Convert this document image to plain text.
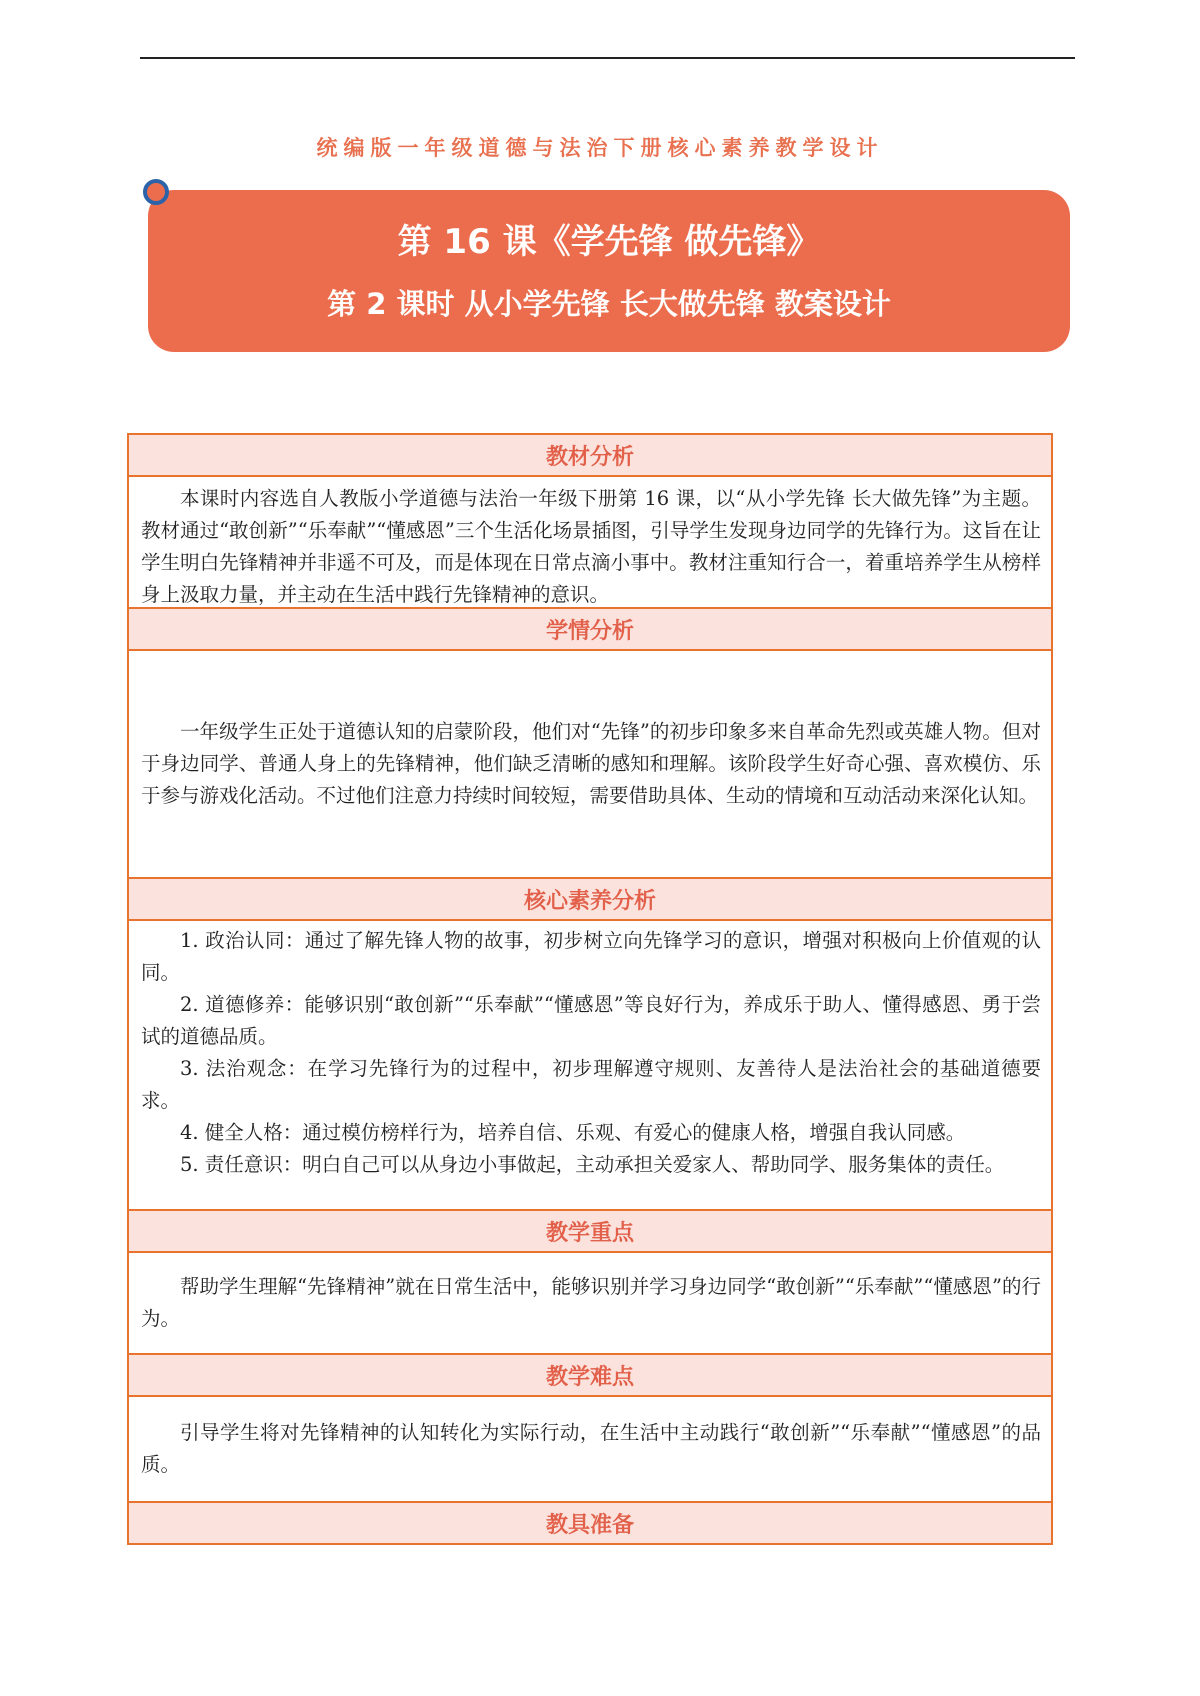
统编版一年级道德与法治下册核心素养教学设计
第 16 课《学先锋 做先锋》
第 2 课时 从小学先锋 长大做先锋 教案设计
教材分析

本课时内容选自人教版小学道德与法治一年级下册第 16 课，以“从小学先锋 长大做先锋”为主题。教材通过“敢创新”“乐奉献”“懂感恩”三个生活化场景插图，引导学生发现身边同学的先锋行为。这旨在让学生明白先锋精神并非遥不可及，而是体现在日常点滴小事中。教材注重知行合一，着重培养学生从榜样身上汲取力量，并主动在生活中践行先锋精神的意识。

学情分析

一年级学生正处于道德认知的启蒙阶段，他们对“先锋”的初步印象多来自革命先烈或英雄人物。但对于身边同学、普通人身上的先锋精神，他们缺乏清晰的感知和理解。该阶段学生好奇心强、喜欢模仿、乐于参与游戏化活动。不过他们注意力持续时间较短，需要借助具体、生动的情境和互动活动来深化认知。

核心素养分析

1. 政治认同：通过了解先锋人物的故事，初步树立向先锋学习的意识，增强对积极向上价值观的认同。

2. 道德修养：能够识别“敢创新”“乐奉献”“懂感恩”等良好行为，养成乐于助人、懂得感恩、勇于尝试的道德品质。

3. 法治观念：在学习先锋行为的过程中，初步理解遵守规则、友善待人是法治社会的基础道德要求。

4. 健全人格：通过模仿榜样行为，培养自信、乐观、有爱心的健康人格，增强自我认同感。

5. 责任意识：明白自己可以从身边小事做起，主动承担关爱家人、帮助同学、服务集体的责任。

教学重点

帮助学生理解“先锋精神”就在日常生活中，能够识别并学习身边同学“敢创新”“乐奉献”“懂感恩”的行为。

教学难点

引导学生将对先锋精神的认知转化为实际行动，在生活中主动践行“敢创新”“乐奉献”“懂感恩”的品质。

教具准备
